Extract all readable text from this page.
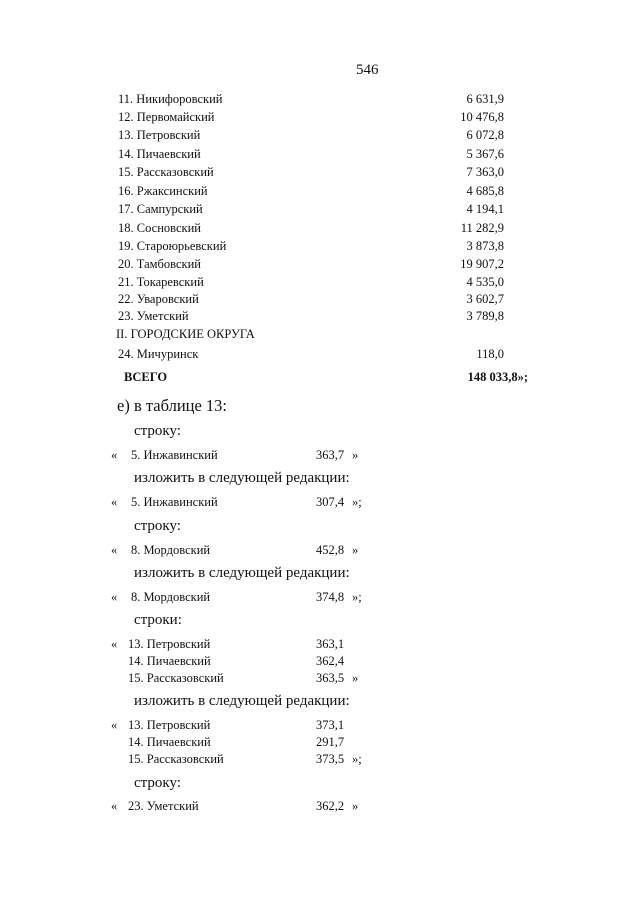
546
11. Никифоровский	6 631,9
12. Первомайский	10 476,8
13. Петровский	6 072,8
14. Пичаевский	5 367,6
15. Рассказовский	7 363,0
16. Ржаксинский	4 685,8
17. Сампурский	4 194,1
18. Сосновский	11 282,9
19. Староюрьевский	3 873,8
20. Тамбовский	19 907,2
21. Токаревский	4 535,0
22. Уваровский	3 602,7
23. Уметский	3 789,8
II. ГОРОДСКИЕ ОКРУГА
24. Мичуринск	118,0
ВСЕГО	148 033,8»;
е) в таблице 13:
строку:
« 5. Инжавинский	363,7 »
изложить в следующей редакции:
« 5. Инжавинский	307,4 »;
строку:
« 8. Мордовский	452,8 »
изложить в следующей редакции:
« 8. Мордовский	374,8 »;
строки:
« 13. Петровский	363,1
14. Пичаевский	362,4
15. Рассказовский	363,5 »
изложить в следующей редакции:
« 13. Петровский	373,1
14. Пичаевский	291,7
15. Рассказовский	373,5 »;
строку:
« 23. Уметский	362,2 »
